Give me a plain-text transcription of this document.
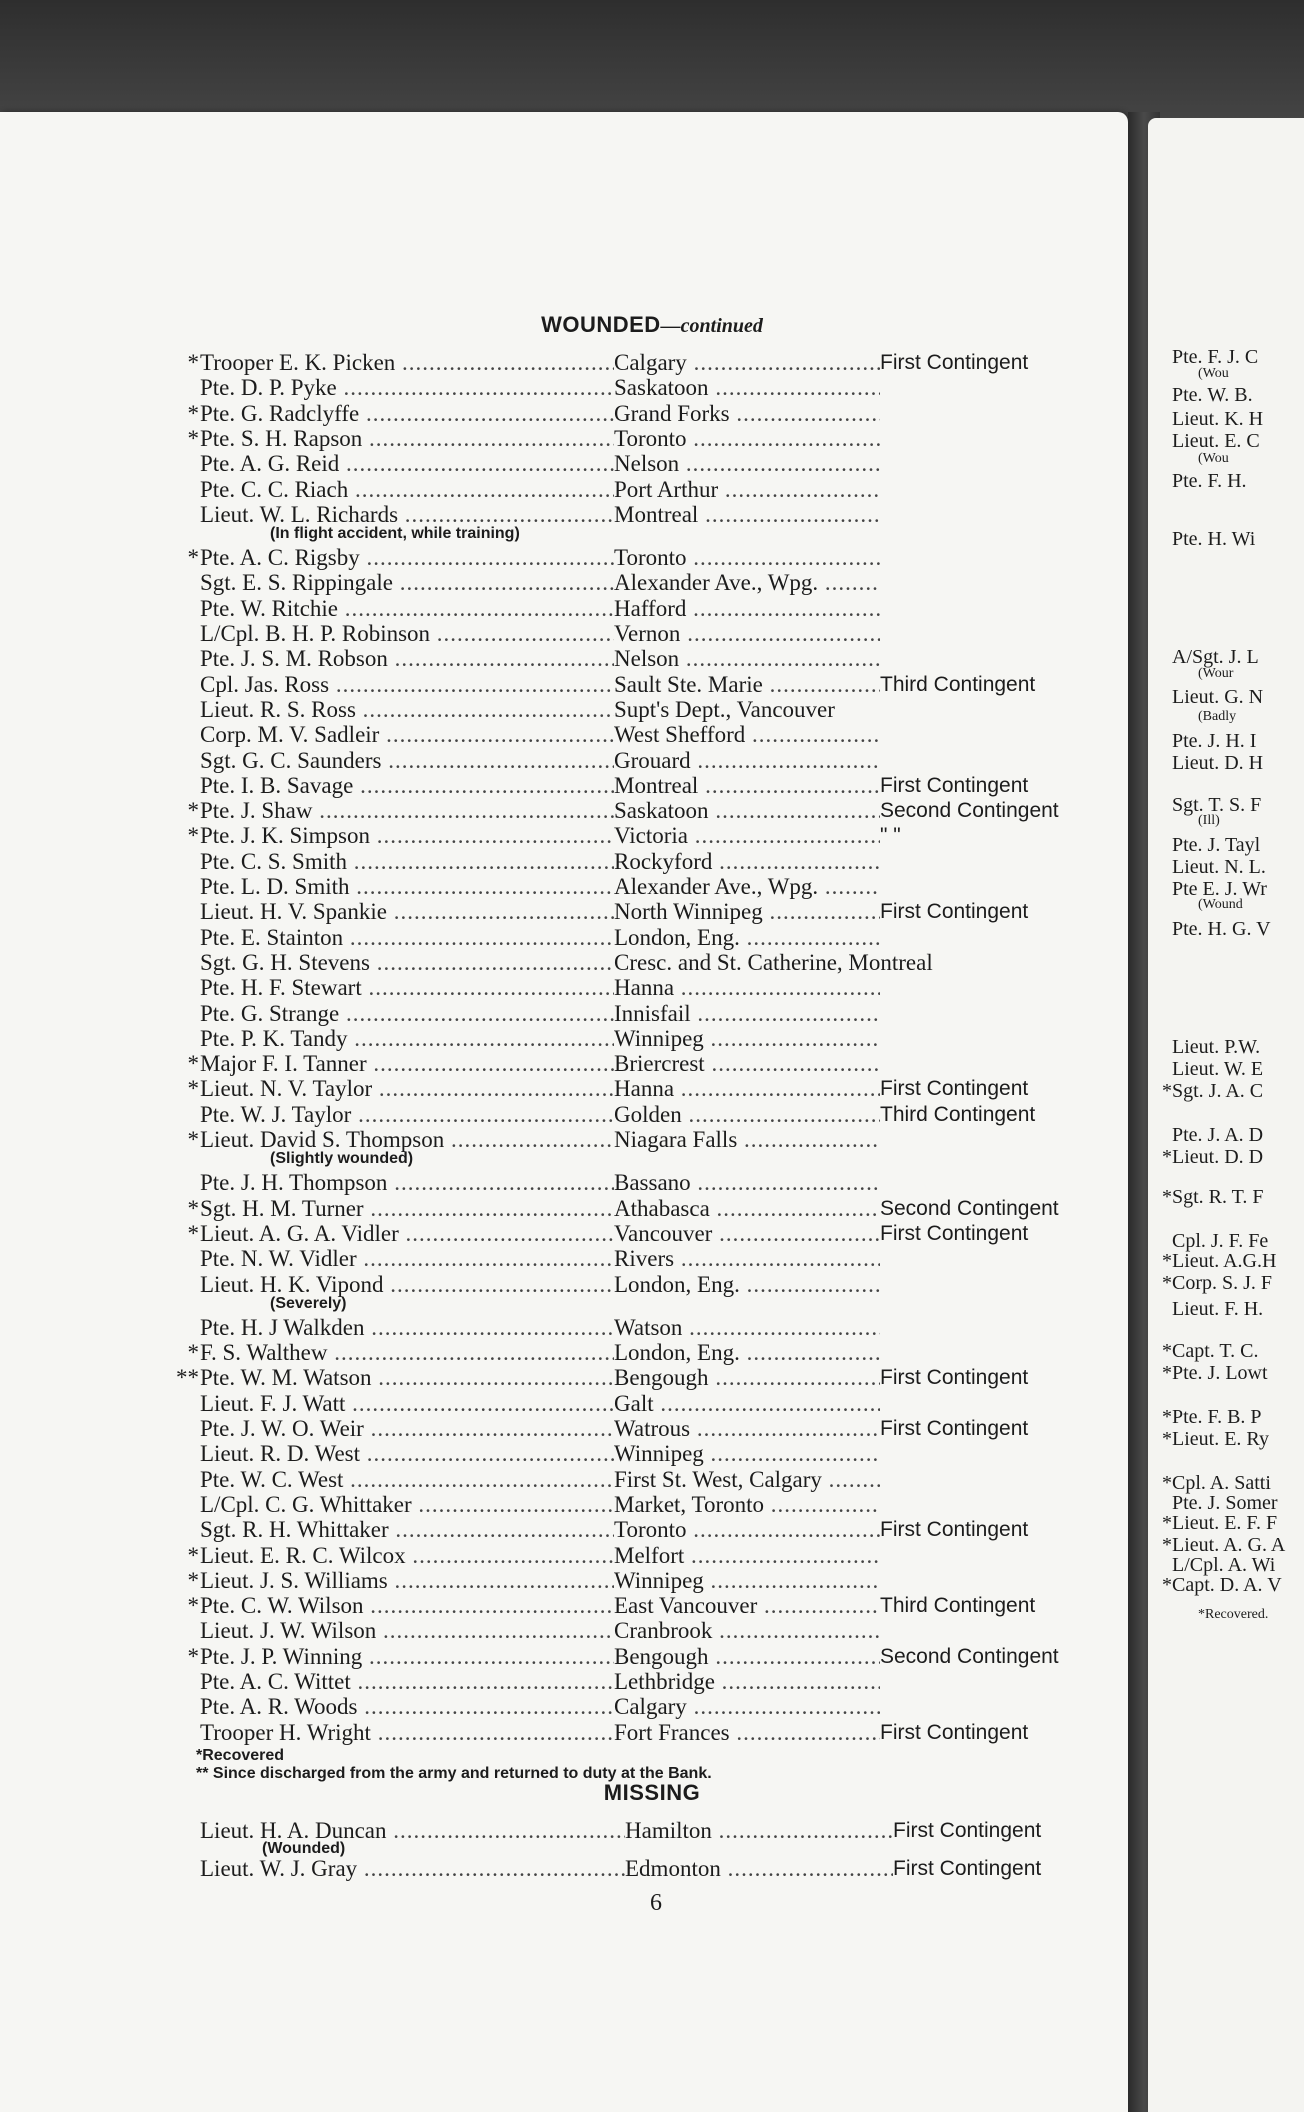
Pte. F. J. C
(Wou
Pte. W. B.
Lieut. K. H
Lieut. E. C
(Wou
Pte. F. H.
Pte. H. Wi
A/Sgt. J. L
(Wour
Lieut. G. N
(Badly
Pte. J. H. I
Lieut. D. H
Sgt. T. S. F
(Ill)
Pte. J. Tayl
Lieut. N. L.
Pte E. J. Wr
(Wound
Pte. H. G. V
Lieut. P.W.
Lieut. W. E
*Sgt. J. A. C
Pte. J. A. D
*Lieut. D. D
*Sgt. R. T. F
Cpl. J. F. Fe
*Lieut. A.G.H
*Corp. S. J. F
Lieut. F. H.
*Capt. T. C.
*Pte. J. Lowt
*Pte. F. B. P
*Lieut. E. Ry
*Cpl. A. Satti
Pte. J. Somer
*Lieut. E. F. F
*Lieut. A. G. A
L/Cpl. A. Wi
*Capt. D. A. V
*Recovered.
WOUNDED—continued
* Trooper E. K. Picken .....	Calgary .....	First Contingent
Pte. D. P. Pyke .....	Saskatoon .....
* Pte. G. Radclyffe .....	Grand Forks .....
* Pte. S. H. Rapson .....	Toronto .....
Pte. A. G. Reid .....	Nelson .....
Pte. C. C. Riach .....	Port Arthur .....
Lieut. W. L. Richards .....	Montreal .....
(In flight accident, while training)
* Pte. A. C. Rigsby .....	Toronto .....
Sgt. E. S. Rippingale .....	Alexander Ave., Wpg. .....
Pte. W. Ritchie .....	Hafford .....
L/Cpl. B. H. P. Robinson .....	Vernon .....
Pte. J. S. M. Robson .....	Nelson .....
Cpl. Jas. Ross .....	Sault Ste. Marie .....	Third Contingent
Lieut. R. S. Ross .....	Supt's Dept., Vancouver
Corp. M. V. Sadleir .....	West Shefford .....
Sgt. G. C. Saunders .....	Grouard .....
Pte. I. B. Savage .....	Montreal .....	First Contingent
* Pte. J. Shaw .....	Saskatoon .....	Second Contingent
* Pte. J. K. Simpson .....	Victoria .....	" "
Pte. C. S. Smith .....	Rockyford .....
Pte. L. D. Smith .....	Alexander Ave., Wpg. .....
Lieut. H. V. Spankie .....	North Winnipeg .....	First Contingent
Pte. E. Stainton .....	London, Eng. .....
Sgt. G. H. Stevens .....	Cresc. and St. Catherine, Montreal
Pte. H. F. Stewart .....	Hanna .....
Pte. G. Strange .....	Innisfail .....
Pte. P. K. Tandy .....	Winnipeg .....
* Major F. I. Tanner .....	Briercrest .....
* Lieut. N. V. Taylor .....	Hanna .....	First Contingent
Pte. W. J. Taylor .....	Golden .....	Third Contingent
* Lieut. David S. Thompson .....	Niagara Falls .....
(Slightly wounded)
Pte. J. H. Thompson .....	Bassano .....
* Sgt. H. M. Turner .....	Athabasca .....	Second Contingent
* Lieut. A. G. A. Vidler .....	Vancouver .....	First Contingent
Pte. N. W. Vidler .....	Rivers .....
Lieut. H. K. Vipond .....	London, Eng. .....
(Severely)
Pte. H. J Walkden .....	Watson .....
* F. S. Walthew .....	London, Eng. .....
** Pte. W. M. Watson .....	Bengough .....	First Contingent
Lieut. F. J. Watt .....	Galt .....
Pte. J. W. O. Weir .....	Watrous .....	First Contingent
Lieut. R. D. West .....	Winnipeg .....
Pte. W. C. West .....	First St. West, Calgary .....
L/Cpl. C. G. Whittaker .....	Market, Toronto .....
Sgt. R. H. Whittaker .....	Toronto .....	First Contingent
* Lieut. E. R. C. Wilcox .....	Melfort .....
* Lieut. J. S. Williams .....	Winnipeg .....
* Pte. C. W. Wilson .....	East Vancouver .....	Third Contingent
Lieut. J. W. Wilson .....	Cranbrook .....
* Pte. J. P. Winning .....	Bengough .....	Second Contingent
Pte. A. C. Wittet .....	Lethbridge .....
Pte. A. R. Woods .....	Calgary .....
Trooper H. Wright .....	Fort Frances .....	First Contingent
*Recovered
** Since discharged from the army and returned to duty at the Bank.
MISSING
Lieut. H. A. Duncan .....	Hamilton .....	First Contingent
(Wounded)
Lieut. W. J. Gray .....	Edmonton .....	First Contingent
6
